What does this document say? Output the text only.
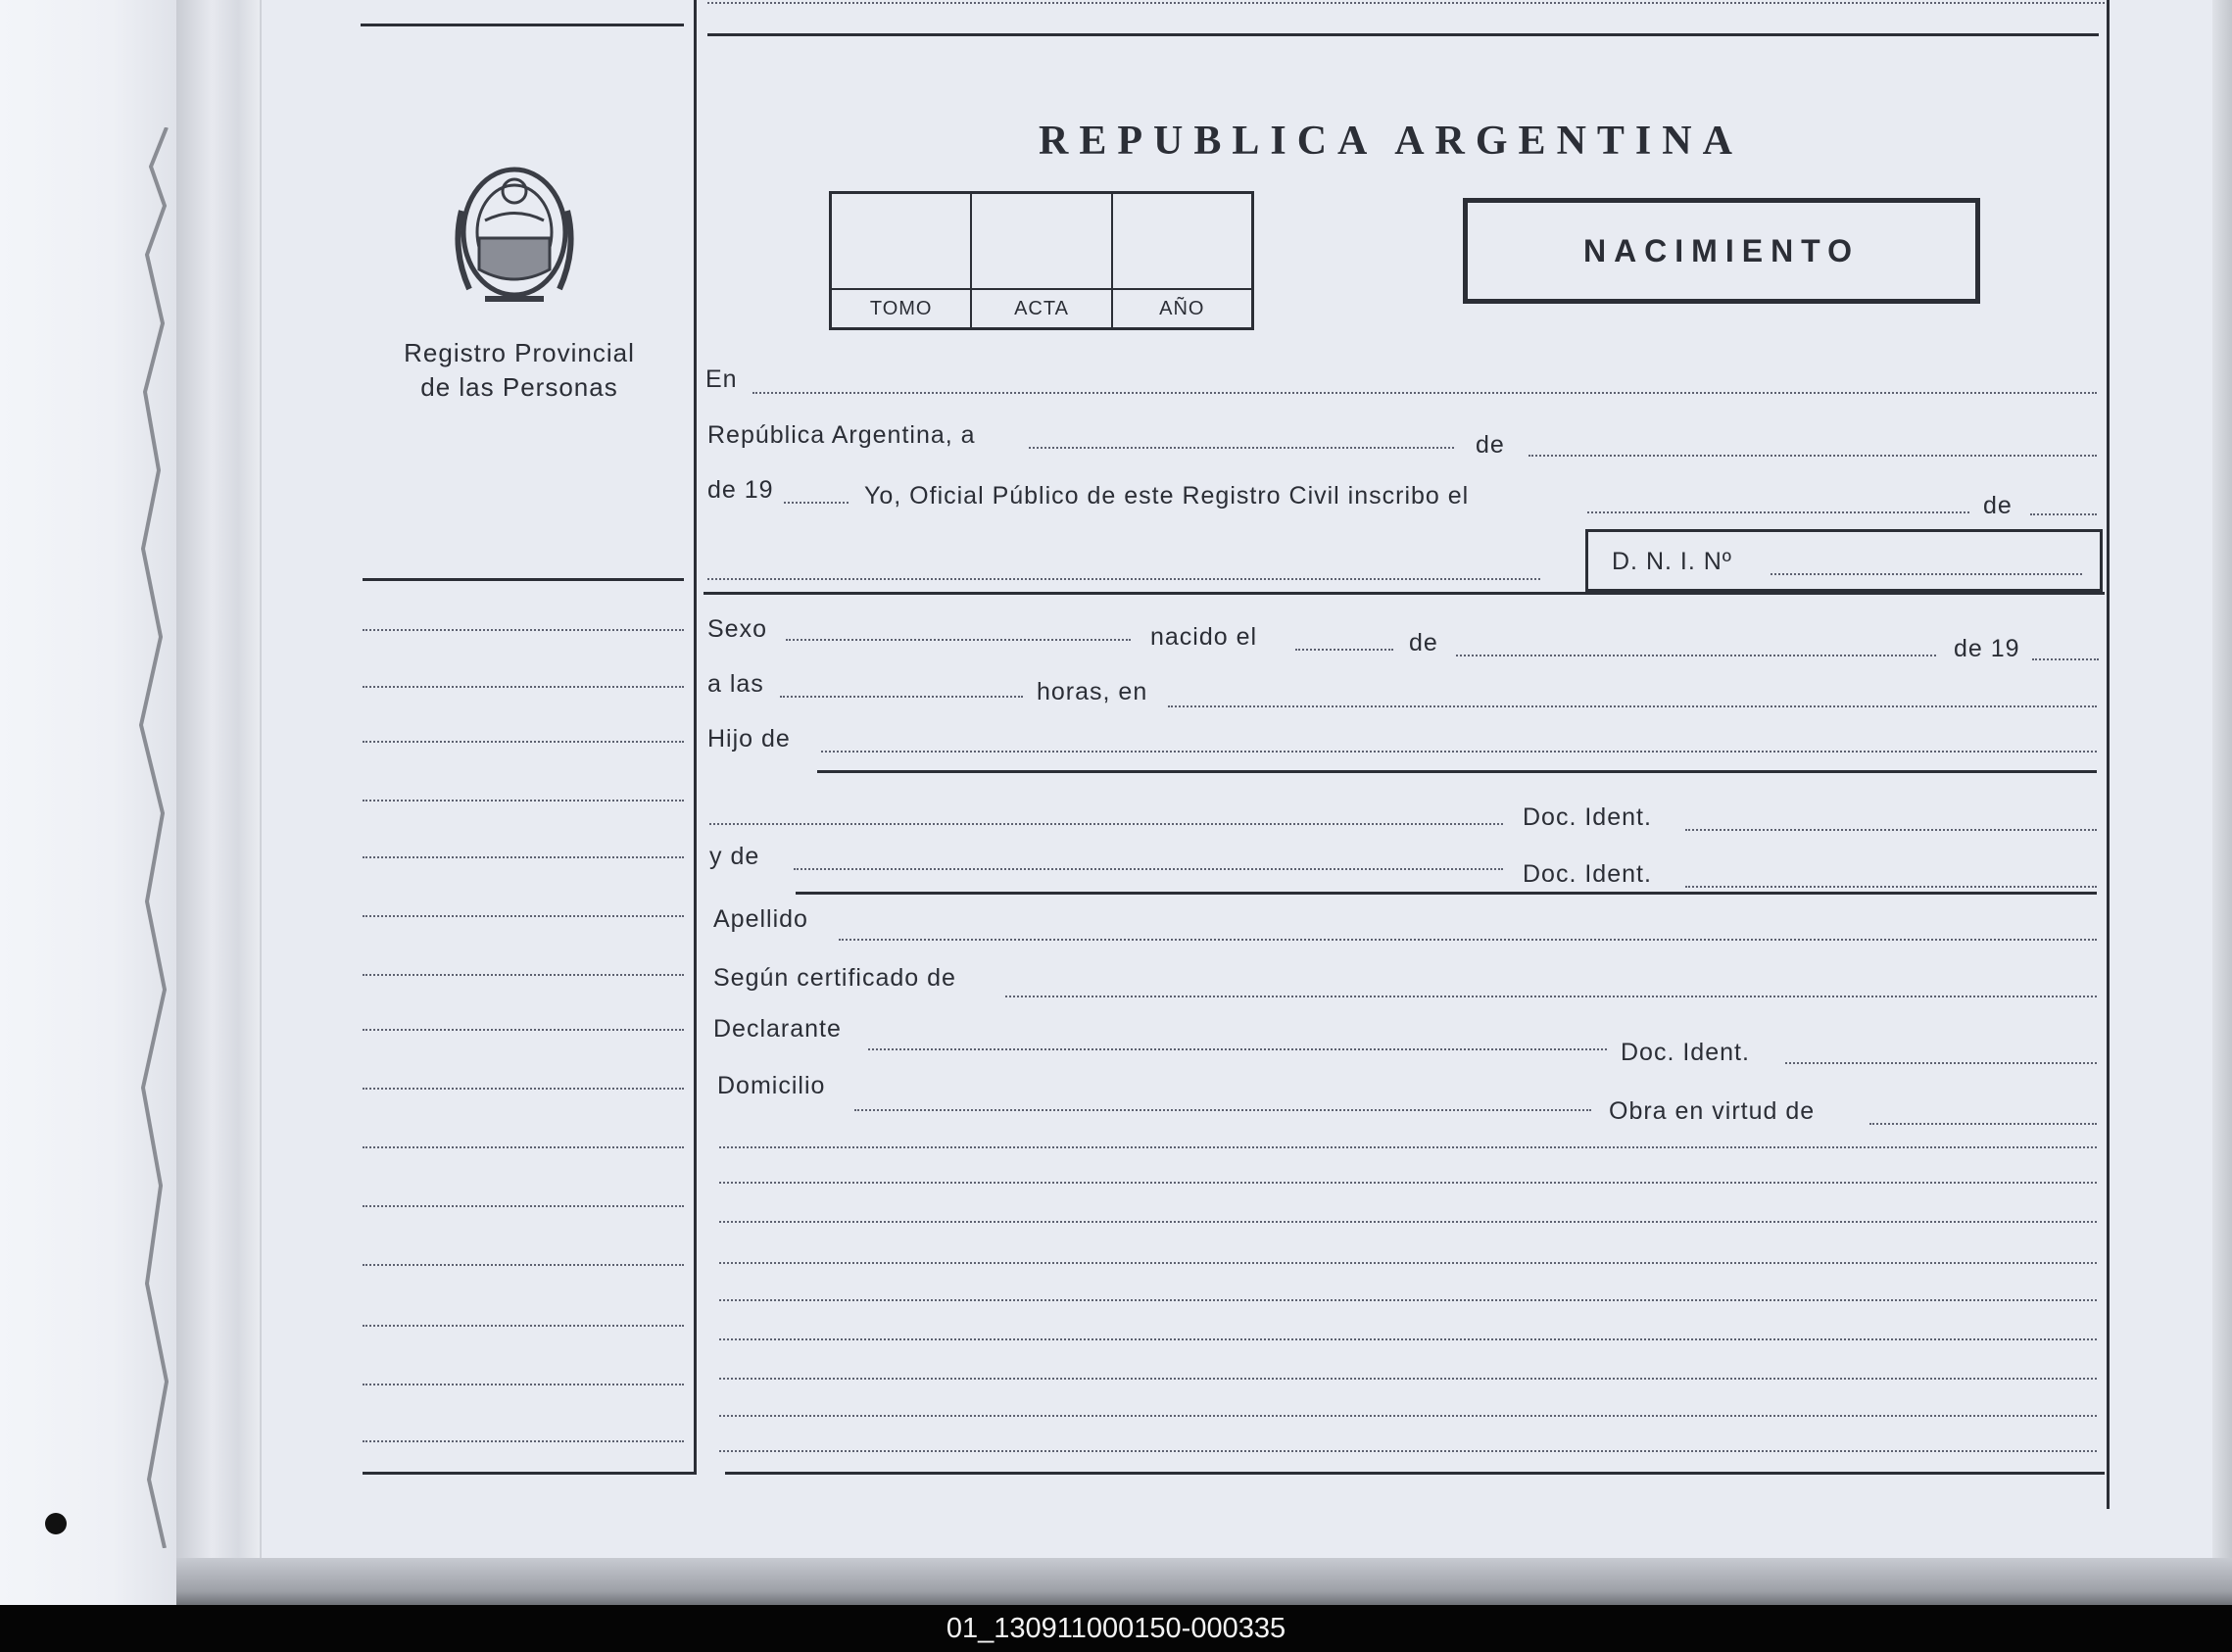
Registro Provincial
de las Personas
REPUBLICA ARGENTINA
TOMO	ACTA	AÑO
NACIMIENTO
En
República Argentina, a	de
de 19	Yo, Oficial Público de este Registro Civil inscribo el	de
D. N. I. Nº
Sexo	nacido el	de	de 19
a las	horas, en
Hijo de
Doc. Ident.
y de
Doc. Ident.
Apellido
Según certificado de
Declarante
Doc. Ident.
Domicilio
Obra en virtud de
01_130911000150-000335
